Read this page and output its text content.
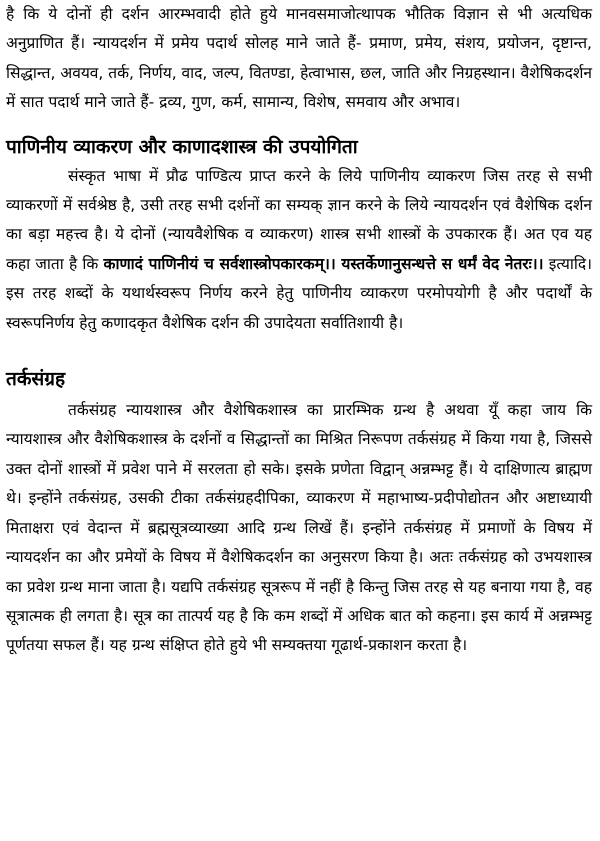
है कि ये दोनों ही दर्शन आरम्भवादी होते हुये मानवसमाजोत्थापक भौतिक विज्ञान से भी अत्यधिक अनुप्राणित हैं। न्यायदर्शन में प्रमेय पदार्थ सोलह माने जाते हैं- प्रमाण, प्रमेय, संशय, प्रयोजन, दृष्टान्त, सिद्धान्त, अवयव, तर्क, निर्णय, वाद, जल्प, वितण्डा, हेत्वाभास, छल, जाति और निग्रहस्थान। वैशेषिकदर्शन में सात पदार्थ माने जाते हैं- द्रव्य, गुण, कर्म, सामान्य, विशेष, समवाय और अभाव।

पाणिनीय व्याकरण और काणादशास्त्र की उपयोगिता

संस्कृत भाषा में प्रौढ पाण्डित्य प्राप्त करने के लिये पाणिनीय व्याकरण जिस तरह से सभी व्याकरणों में सर्वश्रेष्ठ है, उसी तरह सभी दर्शनों का सम्यक् ज्ञान करने के लिये न्यायदर्शन एवं वैशेषिक दर्शन का बड़ा महत्त्व है। ये दोनों (न्यायवैशेषिक व व्याकरण) शास्त्र सभी शास्त्रों के उपकारक हैं। अत एव यह कहा जाता है कि काणादं पाणिनीयं च सर्वशास्त्रोपकारकम्।। यस्तर्केणानुसन्धत्ते स धर्मं वेद नेतरः।। इत्यादि। इस तरह शब्दों के यथार्थस्वरूप निर्णय करने हेतु पाणिनीय व्याकरण परमोपयोगी है और पदार्थों के स्वरूपनिर्णय हेतु कणादकृत वैशेषिक दर्शन की उपादेयता सर्वातिशायी है।

तर्कसंग्रह

तर्कसंग्रह न्यायशास्त्र और वैशेषिकशास्त्र का प्रारम्भिक ग्रन्थ है अथवा यूँ कहा जाय कि न्यायशास्त्र और वैशेषिकशास्त्र के दर्शनों व सिद्धान्तों का मिश्रित निरूपण तर्कसंग्रह में किया गया है, जिससे उक्त दोनों शास्त्रों में प्रवेश पाने में सरलता हो सके। इसके प्रणेता विद्वान् अन्नम्भट्ट हैं। ये दाक्षिणात्य ब्राह्मण थे। इन्होंने तर्कसंग्रह, उसकी टीका तर्कसंग्रहदीपिका, व्याकरण में महाभाष्य-प्रदीपोद्योतन और अष्टाध्यायी मिताक्षरा एवं वेदान्त में ब्रह्मसूत्रव्याख्या आदि ग्रन्थ लिखें हैं। इन्होंने तर्कसंग्रह में प्रमाणों के विषय में न्यायदर्शन का और प्रमेयों के विषय में वैशेषिकदर्शन का अनुसरण किया है। अतः तर्कसंग्रह को उभयशास्त्र का प्रवेश ग्रन्थ माना जाता है। यद्यपि तर्कसंग्रह सूत्ररूप में नहीं है किन्तु जिस तरह से यह बनाया गया है, वह सूत्रात्मक ही लगता है। सूत्र का तात्पर्य यह है कि कम शब्दों में अधिक बात को कहना। इस कार्य में अन्नम्भट्ट पूर्णतया सफल हैं। यह ग्रन्थ संक्षिप्त होते हुये भी सम्यक्तया गूढार्थ-प्रकाशन करता है।
